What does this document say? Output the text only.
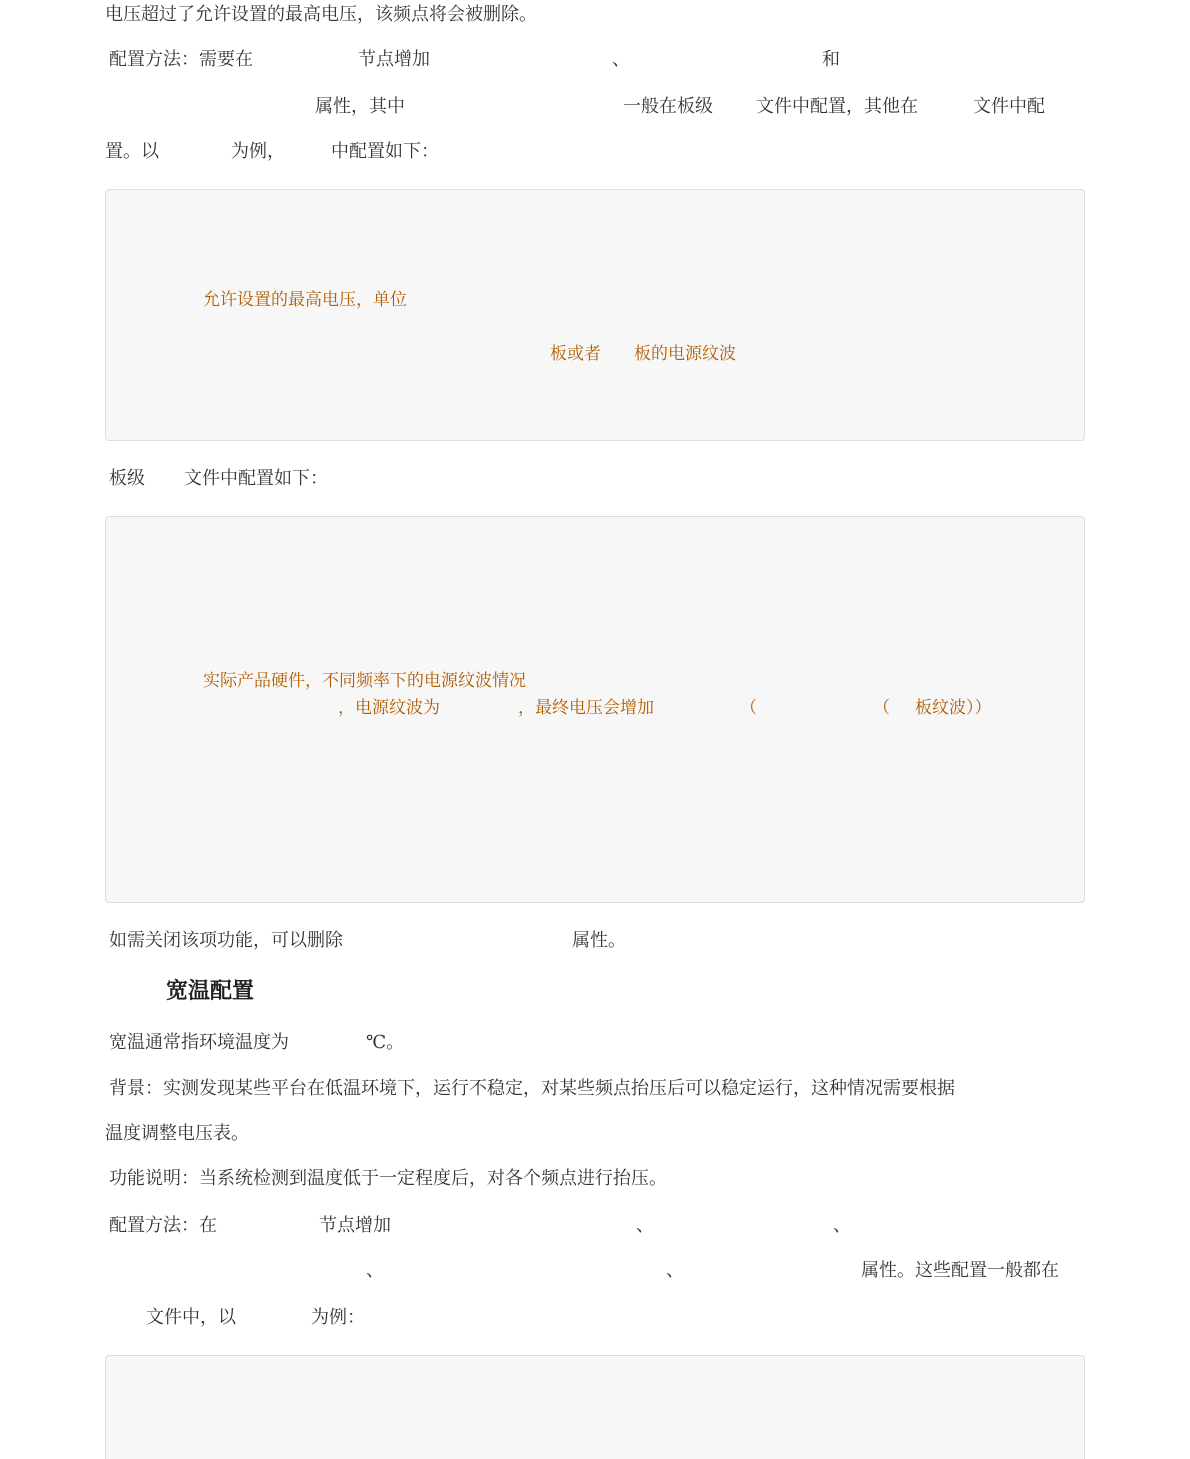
电压超过了允许设置的最高电压，该频点将会被删除。
配置方法：需要在	节点增加	、	和
属性，其中	一般在板级 文件中配置，其他在	文件中配
置。以	为例，	中配置如下：
允许设置的最高电压，单位
板或者 板的电源纹波
板级 文件中配置如下：
实际产品硬件，不同频率下的电源纹波情况
，电源纹波为	，最终电压会增加	（	（ 板纹波））
如需关闭该项功能，可以删除	属性。
宽温配置
宽温通常指环境温度为	℃。
背景：实测发现某些平台在低温环境下，运行不稳定，对某些频点抬压后可以稳定运行，这种情况需要根据
温度调整电压表。
功能说明：当系统检测到温度低于一定程度后，对各个频点进行抬压。
配置方法：在	节点增加	、	、
、	、	属性。这些配置一般都在
文件中，以	为例：
